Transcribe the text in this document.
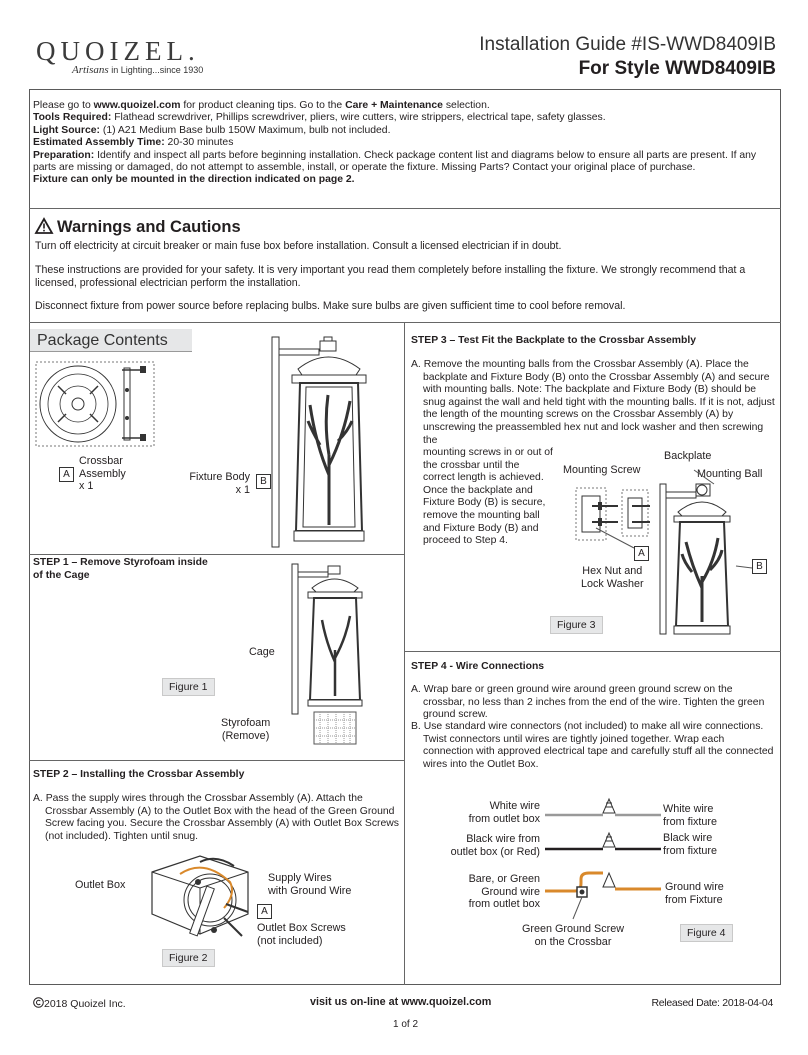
QUOIZEL.
Artisans in Lighting...since 1930
Installation Guide #IS-WWD8409IB
For Style WWD8409IB
Please go to www.quoizel.com for product cleaning tips. Go to the Care + Maintenance selection.
Tools Required: Flathead screwdriver, Phillips screwdriver, pliers, wire cutters, wire strippers, electrical tape, safety glasses.
Light Source: (1) A21 Medium Base bulb 150W Maximum, bulb not included.
Estimated Assembly Time: 20-30 minutes
Preparation: Identify and inspect all parts before beginning installation. Check package content list and diagrams below to ensure all parts are present. If any parts are missing or damaged, do not attempt to assemble, install, or operate the fixture. Missing Parts? Contact your original place of purchase.
Fixture can only be mounted in the direction indicated on page 2.
Warnings and Cautions
Turn off electricity at circuit breaker or main fuse box before installation. Consult a licensed electrician if in doubt.
These instructions are provided for your safety. It is very important you read them completely before installing the fixture. We strongly recommend that a licensed, professional electrician perform the installation.
Disconnect fixture from power source before replacing bulbs. Make sure bulbs are given sufficient time to cool before removal.
Package Contents
A
Crossbar
Assembly
x 1
Fixture Body
x 1
B
STEP 1 – Remove Styrofoam inside
of the Cage
Cage
Figure 1
Styrofoam
(Remove)
STEP 2 – Installing the Crossbar Assembly
A. Pass the supply wires through the Crossbar Assembly (A). Attach the Crossbar Assembly (A) to the Outlet Box with the head of the Green Ground Screw facing you. Secure the Crossbar Assembly (A) with Outlet Box Screws (not included). Tighten until snug.
Outlet Box
Supply Wires
with Ground Wire
A
Outlet Box Screws
(not included)
Figure 2
STEP 3 – Test Fit the Backplate to the Crossbar Assembly
A. Remove the mounting balls from the Crossbar Assembly (A). Place the backplate and Fixture Body (B) onto the Crossbar Assembly (A) and secure with mounting balls. Note: The backplate and Fixture Body (B) should be snug against the wall and held tight with the mounting balls. If it is not, adjust the length of the mounting screws on the Crossbar Assembly (A) by unscrewing the preassembled hex nut and lock washer and then screwing the
mounting screws in or out of the crossbar until the correct length is achieved. Once the backplate and Fixture Body (B) is secure, remove the mounting ball and Fixture Body (B) and proceed to Step 4.
Backplate
Mounting Screw	Mounting Ball
A
B
Hex Nut and
Lock Washer
Figure 3
STEP 4 - Wire Connections
A. Wrap bare or green ground wire around green ground screw on the crossbar, no less than 2 inches from the end of the wire. Tighten the green ground screw.
B. Use standard wire connectors (not included) to make all wire connections. Twist connectors until wires are tightly joined together. Wrap each connection with approved electrical tape and carefully stuff all the connected wires into the Outlet Box.
White wire
from outlet box
White wire
from fixture
Black wire from
outlet box (or Red)
Black wire
from fixture
Bare, or Green
Ground wire
from outlet box
Ground wire
from Fixture
Green Ground Screw
on the Crossbar
Figure 4
2018 Quoizel Inc.	visit us on-line at www.quoizel.com	Released Date: 2018-04-04
1 of 2
